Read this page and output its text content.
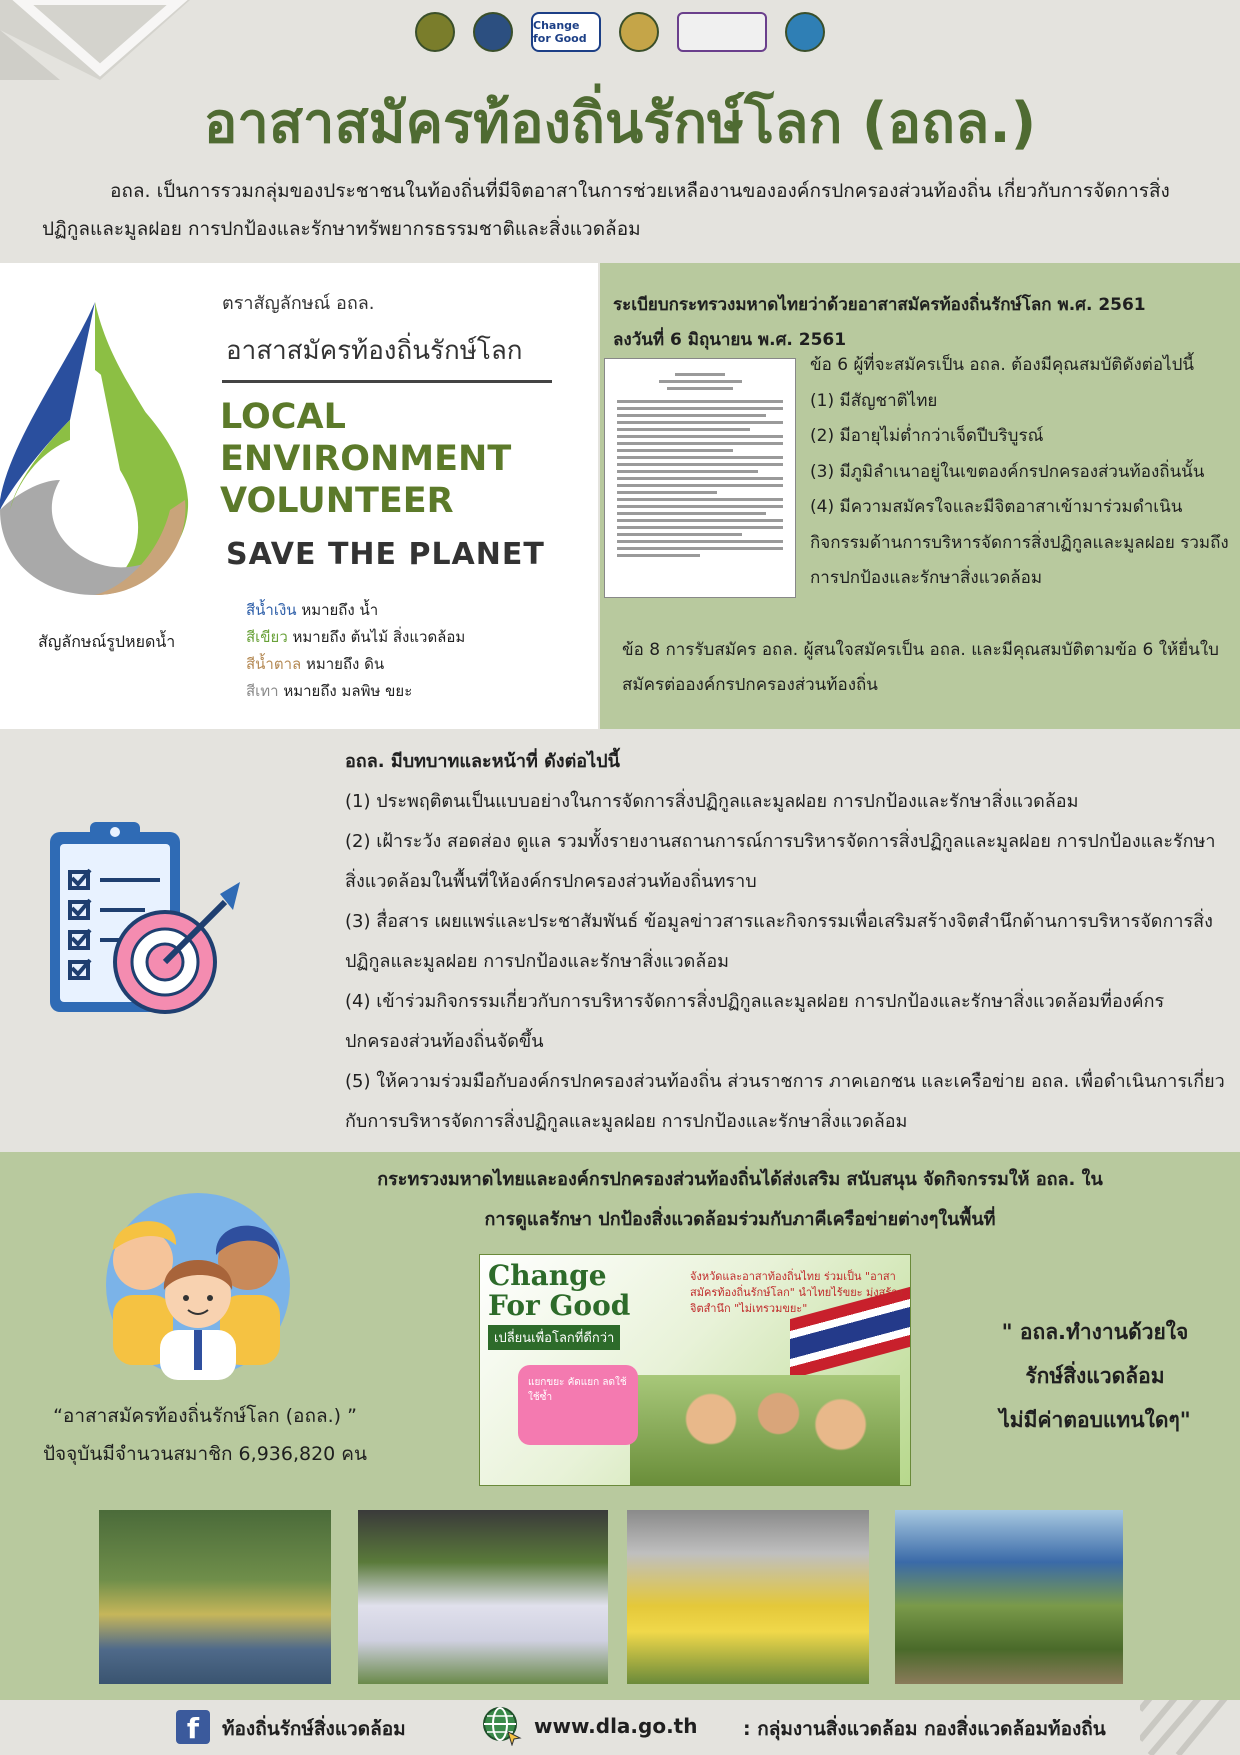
Change for Good
อาสาสมัครท้องถิ่นรักษ์โลก (อถล.)

อถล. เป็นการรวมกลุ่มของประชาชนในท้องถิ่นที่มีจิตอาสาในการช่วยเหลืองานขององค์กรปกครองส่วนท้องถิ่น เกี่ยวกับการจัดการสิ่งปฏิกูลและมูลฝอย การปกป้องและรักษาทรัพยากรธรรมชาติและสิ่งแวดล้อม

สัญลักษณ์รูปหยดน้ำ
ตราสัญลักษณ์ อถล.
อาสาสมัครท้องถิ่นรักษ์โลก
LOCAL
ENVIRONMENT
VOLUNTEER
SAVE THE PLANET
สีน้ำเงิน หมายถึง น้ำ
สีเขียว หมายถึง ต้นไม้ สิ่งแวดล้อม
สีน้ำตาล หมายถึง ดิน
สีเทา หมายถึง มลพิษ ขยะ
ระเบียบกระทรวงมหาดไทยว่าด้วยอาสาสมัครท้องถิ่นรักษ์โลก พ.ศ. 2561
ลงวันที่ 6 มิถุนายน พ.ศ. 2561
ข้อ 6 ผู้ที่จะสมัครเป็น อถล. ต้องมีคุณสมบัติดังต่อไปนี้
(1) มีสัญชาติไทย
(2) มีอายุไม่ต่ำกว่าเจ็ดปีบริบูรณ์
(3) มีภูมิลำเนาอยู่ในเขตองค์กรปกครองส่วนท้องถิ่นนั้น
(4) มีความสมัครใจและมีจิตอาสาเข้ามาร่วมดำเนินกิจกรรมด้านการบริหารจัดการสิ่งปฏิกูลและมูลฝอย รวมถึงการปกป้องและรักษาสิ่งแวดล้อม
ข้อ 8 การรับสมัคร อถล. ผู้สนใจสมัครเป็น อถล. และมีคุณสมบัติตามข้อ 6 ให้ยื่นใบสมัครต่อองค์กรปกครองส่วนท้องถิ่น
อถล. มีบทบาทและหน้าที่ ดังต่อไปนี้
(1) ประพฤติตนเป็นแบบอย่างในการจัดการสิ่งปฏิกูลและมูลฝอย การปกป้องและรักษาสิ่งแวดล้อม
(2) เฝ้าระวัง สอดส่อง ดูแล รวมทั้งรายงานสถานการณ์การบริหารจัดการสิ่งปฏิกูลและมูลฝอย การปกป้องและรักษาสิ่งแวดล้อมในพื้นที่ให้องค์กรปกครองส่วนท้องถิ่นทราบ
(3) สื่อสาร เผยแพร่และประชาสัมพันธ์ ข้อมูลข่าวสารและกิจกรรมเพื่อเสริมสร้างจิตสำนึกด้านการบริหารจัดการสิ่งปฏิกูลและมูลฝอย การปกป้องและรักษาสิ่งแวดล้อม
(4) เข้าร่วมกิจกรรมเกี่ยวกับการบริหารจัดการสิ่งปฏิกูลและมูลฝอย การปกป้องและรักษาสิ่งแวดล้อมที่องค์กรปกครองส่วนท้องถิ่นจัดขึ้น
(5) ให้ความร่วมมือกับองค์กรปกครองส่วนท้องถิ่น ส่วนราชการ ภาคเอกชน และเครือข่าย อถล. เพื่อดำเนินการเกี่ยวกับการบริหารจัดการสิ่งปฏิกูลและมูลฝอย การปกป้องและรักษาสิ่งแวดล้อม
“อาสาสมัครท้องถิ่นรักษ์โลก (อถล.) ”
ปัจจุบันมีจำนวนสมาชิก 6,936,820 คน
กระทรวงมหาดไทยและองค์กรปกครองส่วนท้องถิ่นได้ส่งเสริม สนับสนุน จัดกิจกรรมให้ อถล. ในการดูแลรักษา ปกป้องสิ่งแวดล้อมร่วมกับภาคีเครือข่ายต่างๆในพื้นที่
Change
For Good
เปลี่ยนเพื่อโลกที่ดีกว่า
จังหวัดและอาสาท้องถิ่นไทย ร่วมเป็น "อาสาสมัครท้องถิ่นรักษ์โลก" นำไทยไร้ขยะ มุ่งสร้างจิตสำนึก "ไม่เทรวมขยะ"
แยกขยะ คัดแยก ลดใช้ ใช้ซ้ำ
" อถล.ทำงานด้วยใจ
รักษ์สิ่งแวดล้อม
ไม่มีค่าตอบแทนใดๆ"
f	ท้องถิ่นรักษ์สิ่งแวดล้อม	www.dla.go.th : กลุ่มงานสิ่งแวดล้อม กองสิ่งแวดล้อมท้องถิ่น
